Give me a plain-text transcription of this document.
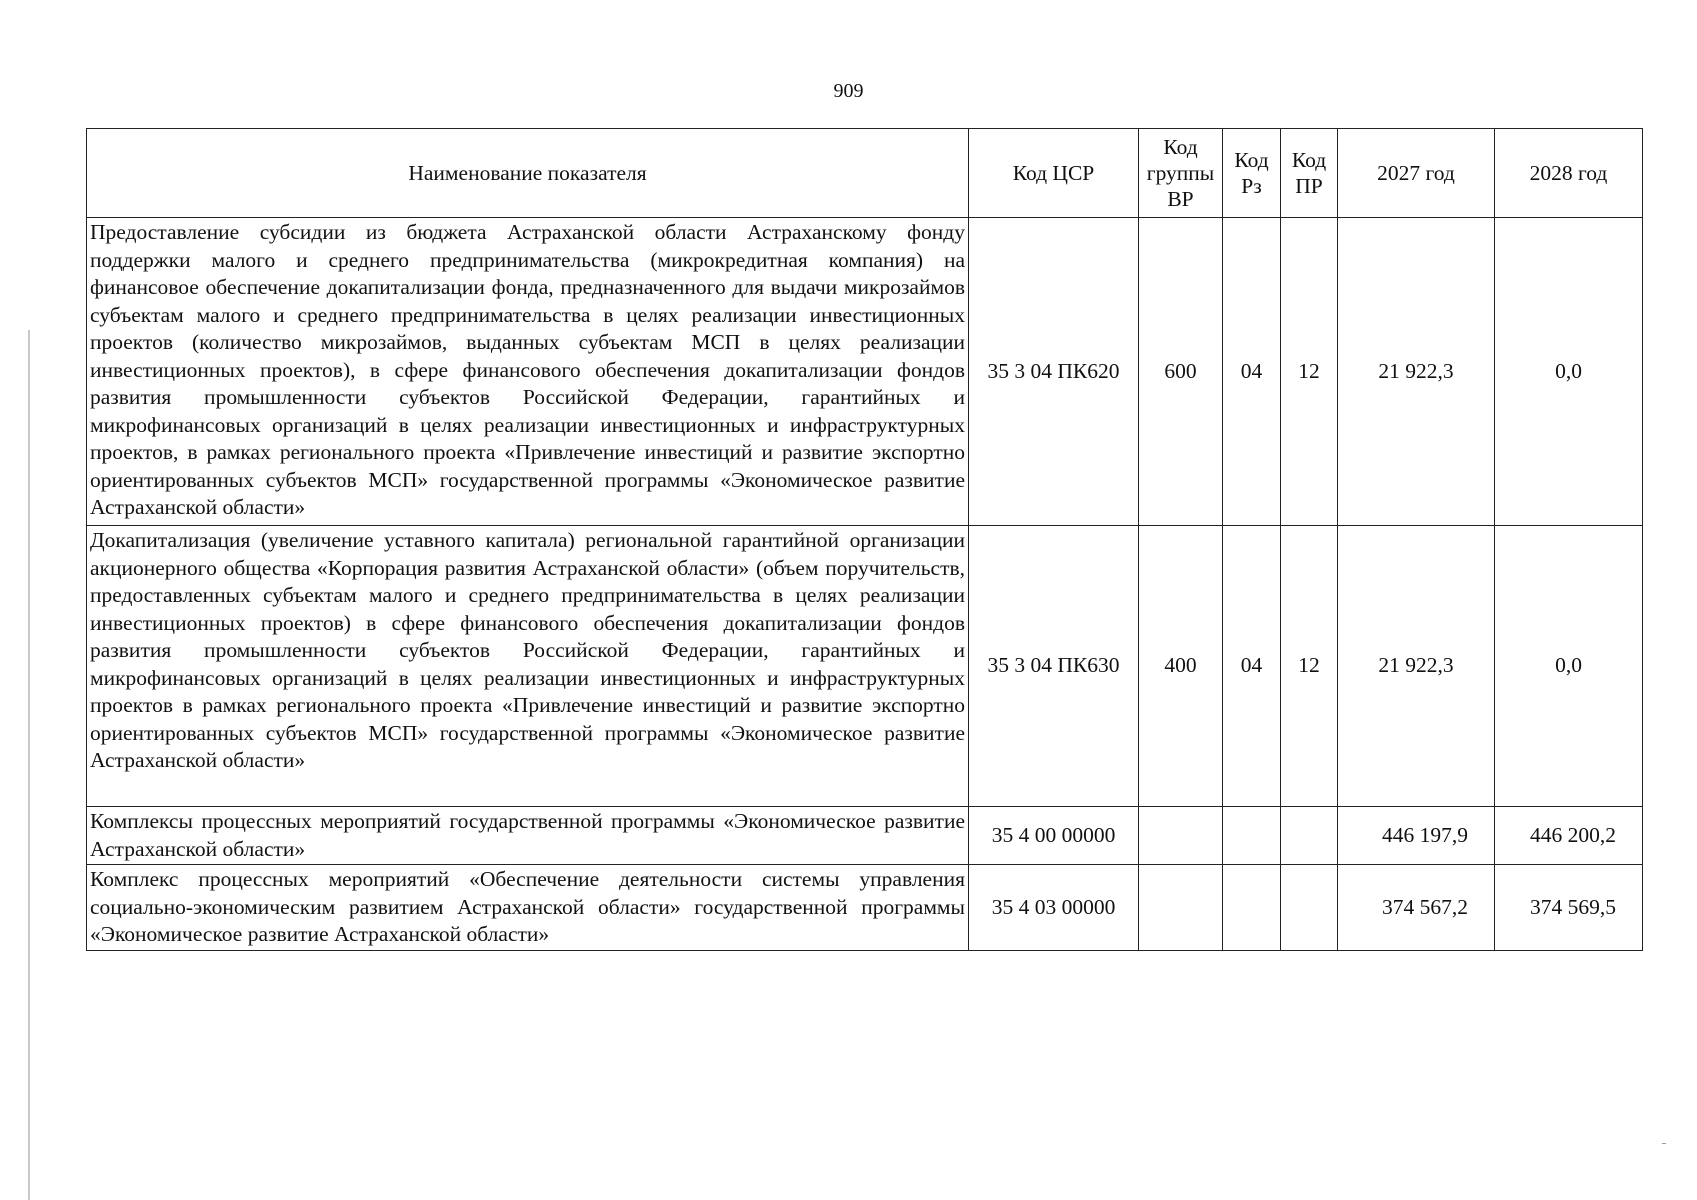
909
Наименование показателя	Код ЦСР	Код группы ВР	Код Рз	Код ПР	2027 год	2028 год
Предоставление субсидии из бюджета Астраханской области Астраханскому фонду поддержки малого и среднего предпринимательства (микрокредитная компания) на финансовое обеспечение докапитализации фонда, предназначенного для выдачи микрозаймов субъектам малого и среднего предпринимательства в целях реализации инвестиционных проектов (количество микрозаймов, выданных субъектам МСП в целях реализации инвестиционных проектов), в сфере финансового обеспечения докапитализации фондов развития промышленности субъектов Российской Федерации, гарантийных и микрофинансовых организаций в целях реализации инвестиционных и инфраструктурных проектов, в рамках регионального проекта «Привлечение инвестиций и развитие экспортно ориентированных субъектов МСП» государственной программы «Экономическое развитие Астраханской области»	35 3 04 ПК620	600	04	12	21 922,3	0,0
Докапитализация (увеличение уставного капитала) региональной гарантийной организации акционерного общества «Корпорация развития Астраханской области» (объем поручительств, предоставленных субъектам малого и среднего предпринимательства в целях реализации инвестиционных проектов) в сфере финансового обеспечения докапитализации фондов развития промышленности субъектов Российской Федерации, гарантийных и микрофинансовых организаций в целях реализации инвестиционных и инфраструктурных проектов в рамках регионального проекта «Привлечение инвестиций и развитие экспортно ориентированных субъектов МСП» государственной программы «Экономическое развитие Астраханской области»	35 3 04 ПК630	400	04	12	21 922,3	0,0
Комплексы процессных мероприятий государственной программы «Экономическое развитие Астраханской области»	35 4 00 00000				446 197,9	446 200,2
Комплекс процессных мероприятий «Обеспечение деятельности системы управления социально-экономическим развитием Астраханской области» государственной программы «Экономическое развитие Астраханской области»	35 4 03 00000				374 567,2	374 569,5
